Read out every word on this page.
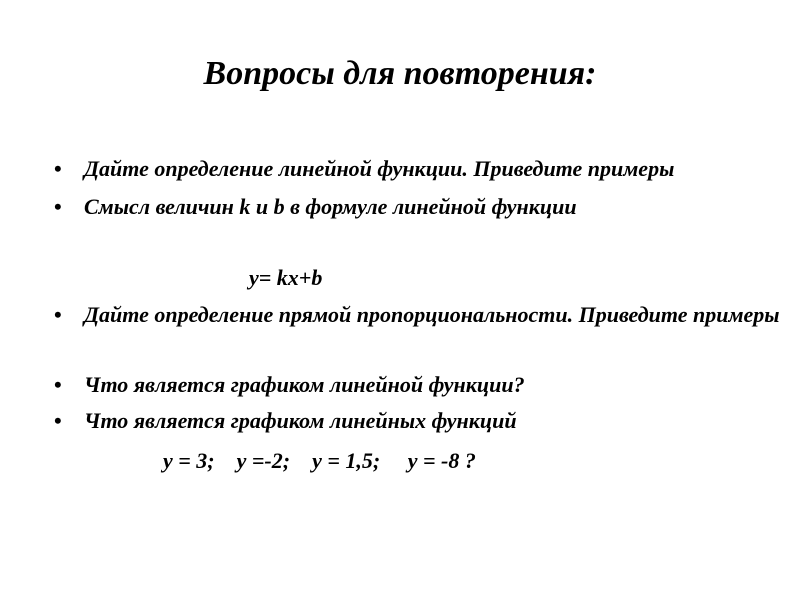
Вопросы для повторения:
• Дайте определение линейной функции. Приведите примеры
• Смысл величин k и b в формуле линейной функции

y= kx+b

• Дайте определение прямой пропорциональности. Приведите примеры
• Что является графиком линейной функции?
• Что является графиком линейных функций

y = 3;    y =-2;    y = 1,5;     y = -8 ?
